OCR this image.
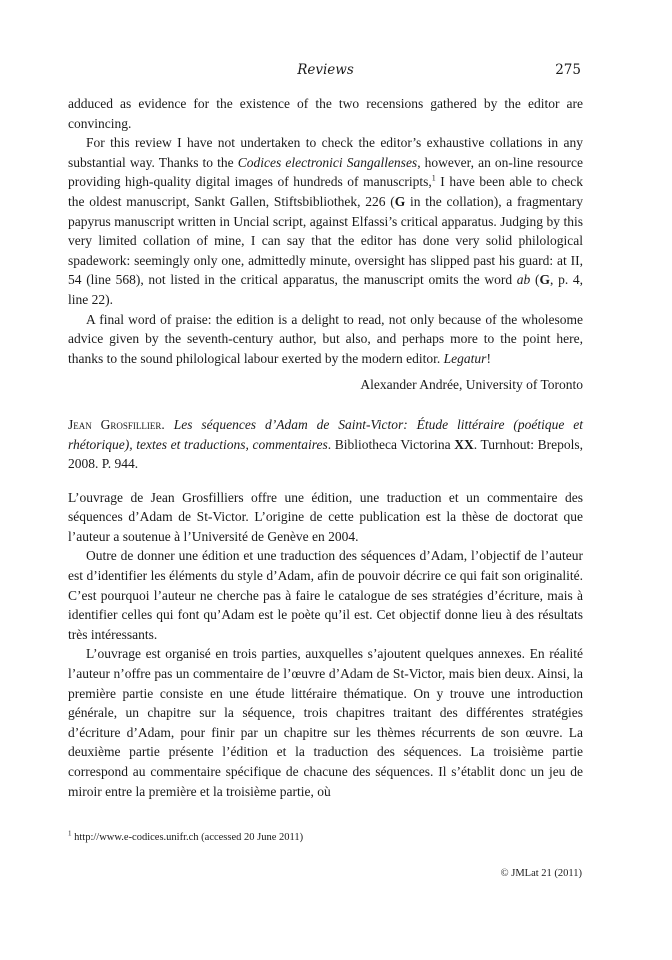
Reviews	275

adduced as evidence for the existence of the two recensions gathered by the editor are convincing.

For this review I have not undertaken to check the editor’s exhaustive collations in any substantial way. Thanks to the Codices electronici Sangallenses, however, an on-line resource providing high-quality digital images of hundreds of manuscripts,$^1$ I have been able to check the oldest manuscript, Sankt Gallen, Stiftsbibliothek, 226 (G in the collation), a fragmentary papyrus manuscript written in Uncial script, against Elfassi’s critical apparatus. Judging by this very limited collation of mine, I can say that the editor has done very solid philological spadework: seemingly only one, admittedly minute, oversight has slipped past his guard: at II, 54 (line 568), not listed in the critical apparatus, the manuscript omits the word ab (G, p. 4, line 22).

A final word of praise: the edition is a delight to read, not only because of the wholesome advice given by the seventh-century author, but also, and perhaps more to the point here, thanks to the sound philological labour exerted by the modern editor. Legatur!

Alexander Andrée, University of Toronto

Jean Grosfillier. Les séquences d’Adam de Saint-Victor: Étude littéraire (poétique et rhétorique), textes et traductions, commentaires. Bibliotheca Victorina XX. Turnhout: Brepols, 2008. P. 944.

L’ouvrage de Jean Grosfilliers offre une édition, une traduction et un commentaire des séquences d’Adam de St-Victor. L’origine de cette publication est la thèse de doctorat que l’auteur a soutenue à l’Université de Genève en 2004.

Outre de donner une édition et une traduction des séquences d’Adam, l’objectif de l’auteur est d’identifier les éléments du style d’Adam, afin de pouvoir décrire ce qui fait son originalité. C’est pourquoi l’auteur ne cherche pas à faire le catalogue de ses stratégies d’écriture, mais à identifier celles qui font qu’Adam est le poète qu’il est. Cet objectif donne lieu à des résultats très intéressants.

L’ouvrage est organisé en trois parties, auxquelles s’ajoutent quelques annexes. En réalité l’auteur n’offre pas un commentaire de l’œuvre d’Adam de St-Victor, mais bien deux. Ainsi, la première partie consiste en une étude littéraire thématique. On y trouve une introduction générale, un chapitre sur la séquence, trois chapitres traitant des différentes stratégies d’écriture d’Adam, pour finir par un chapitre sur les thèmes récurrents de son œuvre. La deuxième partie présente l’édition et la traduction des séquences. La troisième partie correspond au commentaire spécifique de chacune des séquences. Il s’établit donc un jeu de miroir entre la première et la troisième partie, où

$^1$ http://www.e-codices.unifr.ch (accessed 20 June 2011)
© JMLat 21 (2011)
